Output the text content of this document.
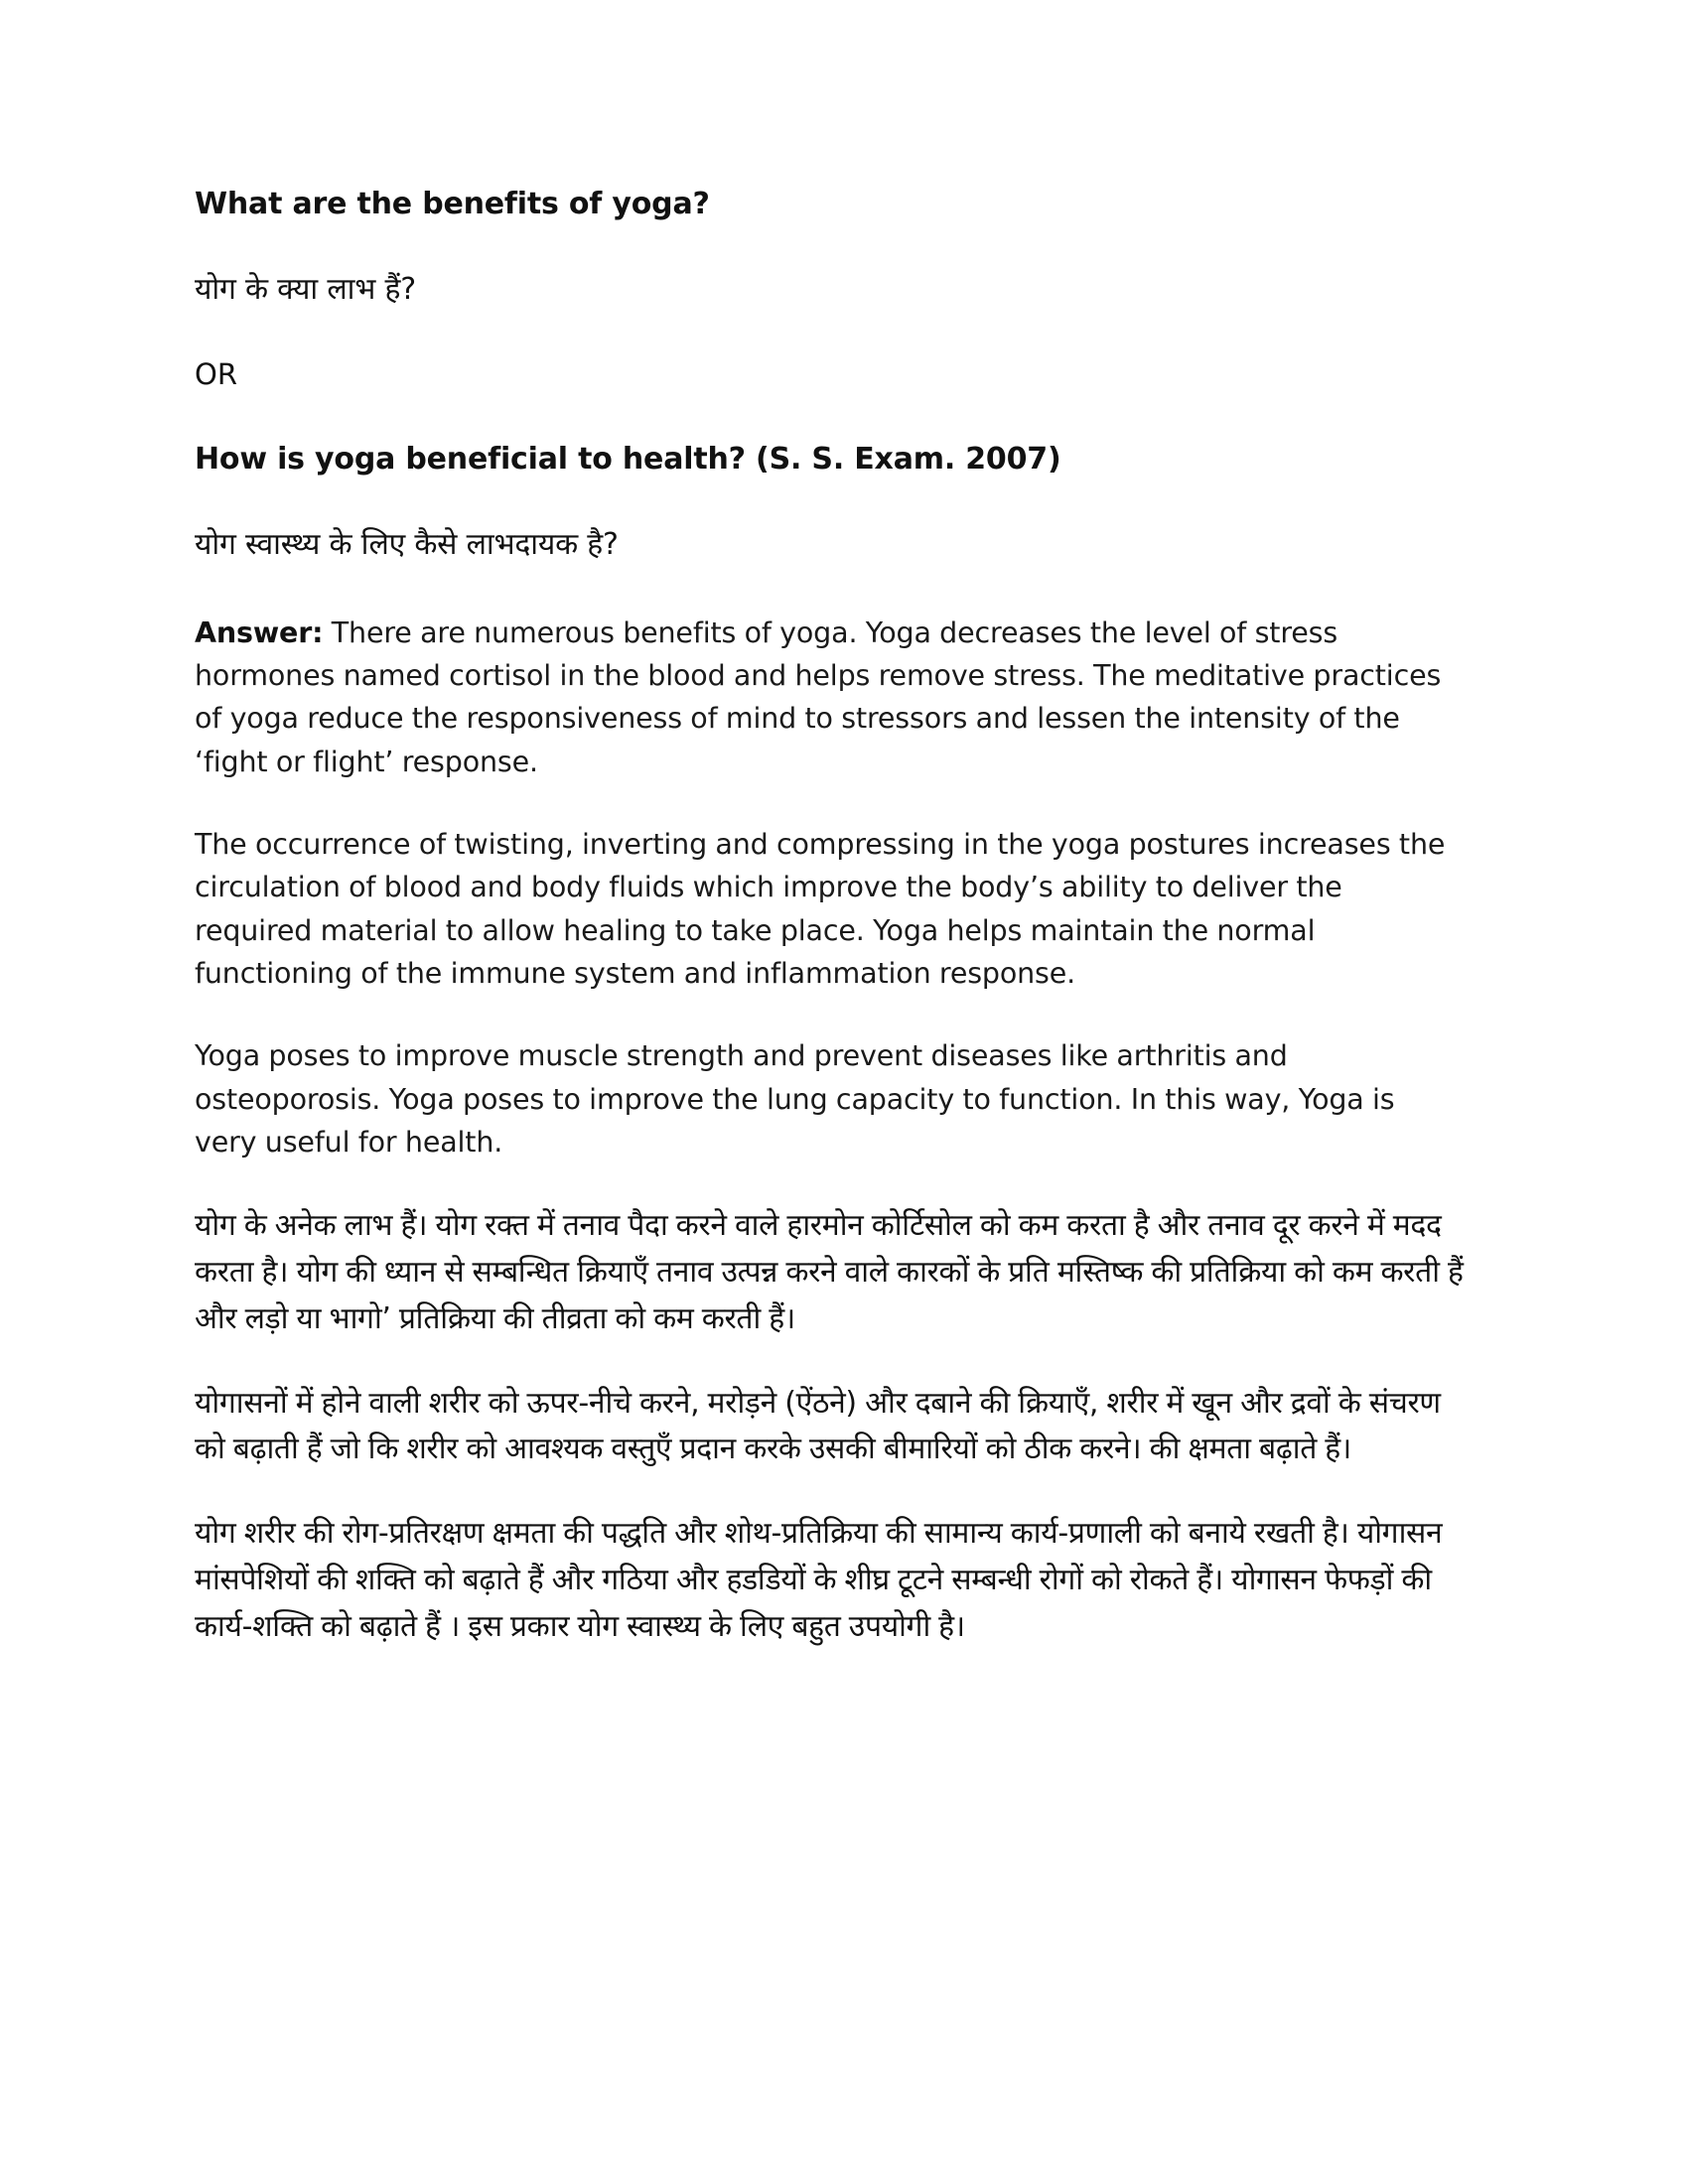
What are the benefits of yoga?

योग के क्या लाभ हैं?

OR

How is yoga beneficial to health? (S. S. Exam. 2007)

योग स्वास्थ्य के लिए कैसे लाभदायक है?

Answer: There are numerous benefits of yoga. Yoga decreases the level of stress hormones named cortisol in the blood and helps remove stress. The meditative practices of yoga reduce the responsiveness of mind to stressors and lessen the intensity of the ‘fight or flight’ response.

The occurrence of twisting, inverting and compressing in the yoga postures increases the circulation of blood and body fluids which improve the body’s ability to deliver the required material to allow healing to take place. Yoga helps maintain the normal functioning of the immune system and inflammation response.

Yoga poses to improve muscle strength and prevent diseases like arthritis and osteoporosis. Yoga poses to improve the lung capacity to function. In this way, Yoga is very useful for health.

योग के अनेक लाभ हैं। योग रक्त में तनाव पैदा करने वाले हारमोन कोर्टिसोल को कम करता है और तनाव दूर करने में मदद करता है। योग की ध्यान से सम्बन्धित क्रियाएँ तनाव उत्पन्न करने वाले कारकों के प्रति मस्तिष्क की प्रतिक्रिया को कम करती हैं और लड़ो या भागो’ प्रतिक्रिया की तीव्रता को कम करती हैं।

योगासनों में होने वाली शरीर को ऊपर-नीचे करने, मरोड़ने (ऐंठने) और दबाने की क्रियाएँ, शरीर में खून और द्रवों के संचरण को बढ़ाती हैं जो कि शरीर को आवश्यक वस्तुएँ प्रदान करके उसकी बीमारियों को ठीक करने। की क्षमता बढ़ाते हैं।

योग शरीर की रोग-प्रतिरक्षण क्षमता की पद्धति और शोथ-प्रतिक्रिया की सामान्य कार्य-प्रणाली को बनाये रखती है। योगासन मांसपेशियों की शक्ति को बढ़ाते हैं और गठिया और हडडियों के शीघ्र टूटने सम्बन्धी रोगों को रोकते हैं। योगासन फेफड़ों की कार्य-शक्ति को बढ़ाते हैं । इस प्रकार योग स्वास्थ्य के लिए बहुत उपयोगी है।
